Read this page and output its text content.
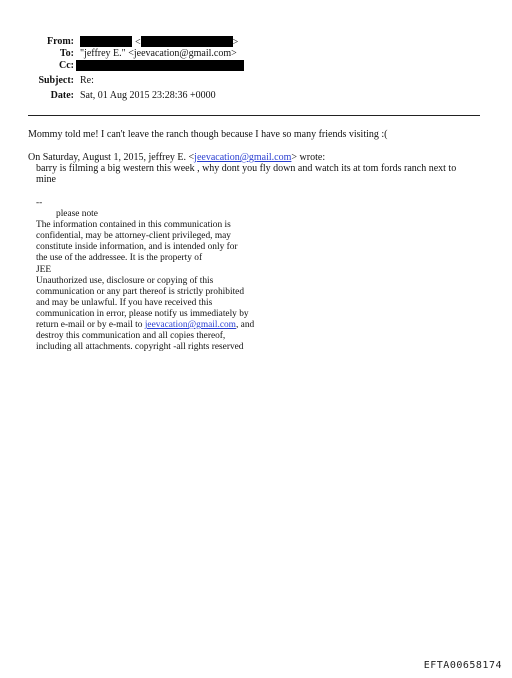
From:	<	>
To: "jeffrey E." <jeevacation@gmail.com>
Cc:
Subject: Re:
Date: Sat, 01 Aug 2015 23:28:36 +0000
Mommy told me! I can't leave the ranch though because I have so many friends visiting :(
On Saturday, August 1, 2015, jeffrey E. <jeevacation@gmail.com> wrote:
barry is filming a big western this week , why dont you fly down and watch its at tom fords ranch next to
mine
--
please note
The information contained in this communication is
confidential, may be attorney-client privileged, may
constitute inside information, and is intended only for
the use of the addressee. It is the property of
JEE
Unauthorized use, disclosure or copying of this
communication or any part thereof is strictly prohibited
and may be unlawful. If you have received this
communication in error, please notify us immediately by
return e-mail or by e-mail to jeevacation@gmail.com, and
destroy this communication and all copies thereof,
including all attachments. copyright -all rights reserved
EFTA00658174
